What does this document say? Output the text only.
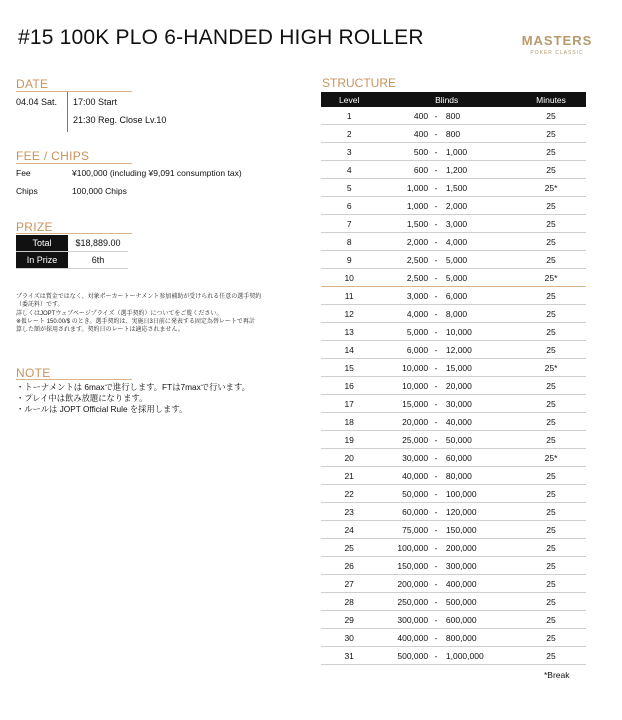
#15 100K PLO 6-HANDED HIGH ROLLER	MASTERS
POKER CLASSIC
DATE
04.04 Sat. 17:00 Start
21:30 Reg. Close Lv.10
FEE / CHIPS
Fee	¥100,000 (including ¥9,091 consumption tax)
Chips	100,000 Chips
PRIZE
Total	$18,889.00
In Prize	6th
プライズは賞金ではなく、対象ポーカートーナメント参加補助が受けられる任意の選手契約
（委託料）です。
詳しくはJOPTウェブページプライズ（選手契約）についてをご覧ください。
※仮レート 150.00/$ のとき。選手契約は、実施日3日前に発表する固定為替レートで再計
算した額が採用されます。契約日のレートは適応されません。
NOTE
・トーナメントは 6maxで進行します。FTは7maxで行います。
・プレイ中は飲み放題になります。
・ルールは JOPT Official Rule を採用します。
STRUCTURE
Level	Blinds			Minutes
1	400	-	800	25
2	400	-	800	25
3	500	-	1,000	25
4	600	-	1,200	25
5	1,000	-	1,500	25*
6	1,000	-	2,000	25
7	1,500	-	3,000	25
8	2,000	-	4,000	25
9	2,500	-	5,000	25
10	2,500	-	5,000	25*
11	3,000	-	6,000	25
12	4,000	-	8,000	25
13	5,000	-	10,000	25
14	6,000	-	12,000	25
15	10,000	-	15,000	25*
16	10,000	-	20,000	25
17	15,000	-	30,000	25
18	20,000	-	40,000	25
19	25,000	-	50,000	25
20	30,000	-	60,000	25*
21	40,000	-	80,000	25
22	50,000	-	100,000	25
23	60,000	-	120,000	25
24	75,000	-	150,000	25
25	100,000	-	200,000	25
26	150,000	-	300,000	25
27	200,000	-	400,000	25
28	250,000	-	500,000	25
29	300,000	-	600,000	25
30	400,000	-	800,000	25
31	500,000	-	1,000,000	25
*Break
